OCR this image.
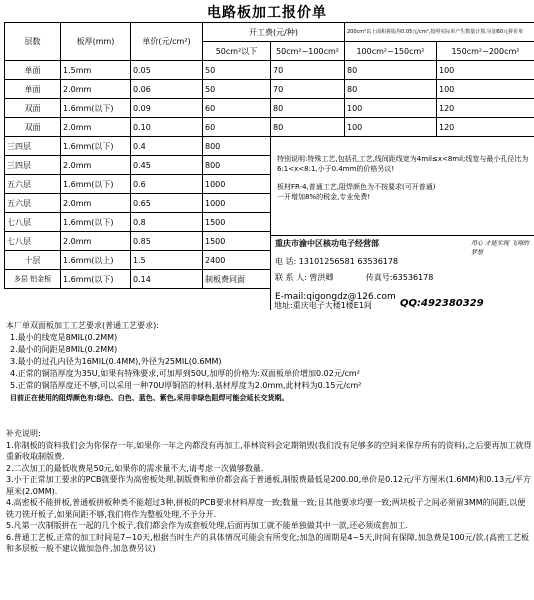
电路板加工报价单
层数	板厚(mm)	单价(元/cm²)	开工费(元/种)		200cm²以上面积拼版均0.05元/cm²,按照实际单产生数量计算,另加60元拼价单	
			50cm²以下	50cm²~100cm²	100cm²~150cm²	150cm²~200cm²
单面	1.5mm	0.05	50	70	80	100
单面	2.0mm	0.06	50	70	80	100
双面	1.6mm(以下)	0.09	60	80	100	120
双面	2.0mm	0.10	60	80	100	120
三四层	1.6mm(以下)	0.4	800			
三四层	2.0mm	0.45	800			
五六层	1.6mm(以下)	0.6	1000			
五六层	2.0mm	0.65	1000			
七八层	1.6mm(以下)	0.8	1500			
七八层	2.0mm	0.85	1500			
十层	1.6mm(以上)	1.5	2400			
多层 铝金板	1.6mm(以下)	0.14	制板费同面			
特别说明:特殊工艺,包括孔工艺,线间距线宽为4mil≤x<8mil;线宽与最小孔径比为6:1<x<8:1,小于0.4mm的价格另议!
板材FR-4,普通工艺,阻焊颜色为不按要求(可开普通)
一开增加8%的税金,专业免费!
重庆市渝中区核功电子经营部	用心 才能实现 飞翔的梦想
电 话: 13101256581 63536178
联 系 人: 曾洪卿	传真号:63536178
E-mail:qigongdz@126.com
地址:重庆电子大楼1楼E1间	QQ:492380329
本厂单双面板加工工艺要求(普通工艺要求):
1.最小的线宽是8MIL(0.2MM)
2.最小的间距是8MIL(0.2MM)
3.最小的过孔内径为16MIL(0.4MM),外径为25MIL(0.6MM)
4.正常的铜箔厚度为35U,如果有特殊要求,可加厚到50U,加厚的价格为:双面板单价增加0.02元/cm²
5.正常的铜箔厚度还不够,可以采用一种70U厚铜箔的材料,基材厚度为2.0mm,此材料为0.15元/cm²
目前正在使用的阻焊颜色有:绿色、白色、蓝色、紫色,采用非绿色阻焊可能会延长交货期。
补充说明:
1.你制板的资料我们会为你保存一年,如果你一年之内都没有再加工,菲林资料会定期销毁(我们没有足够多的空间来保存所有的资料),之后要再加工就得重新收取制版费.
2.二次加工的最低收费是50元,如果你的需求量不大,请考虑一次做够数量.
3.小于正常加工要求的PCB就要作为高密板处理,制版费和单价都会高于普通板,制版费最低是200.00,单价是0.12元/平方厘米(1.6MM)和0.13元/平方厘米(2.0MM).
4.高密板不能拼板,普通板拼板种类不能超过3种,拼板的PCB要求材料厚度一致;数量一致;且其他要求均要一致;两块板子之间必须留3MM的间距,以便铣刀铣开板子,如果间距不够,我们将作为整板处理,不予分开.
5.凡第一次制版拼在一起的几个板子,我们都会作为成套板处理,后面再加工就不能单独做其中一款,还必须成套加工.
6.普通工艺板,正常的加工时间是7~10天,根据当时生产的具体情况可能会有所变化;加急的周期是4~5天,时间有保障,加急费是100元/款.(高密工艺板和多层板一般不建议做加急件,加急费另议)
